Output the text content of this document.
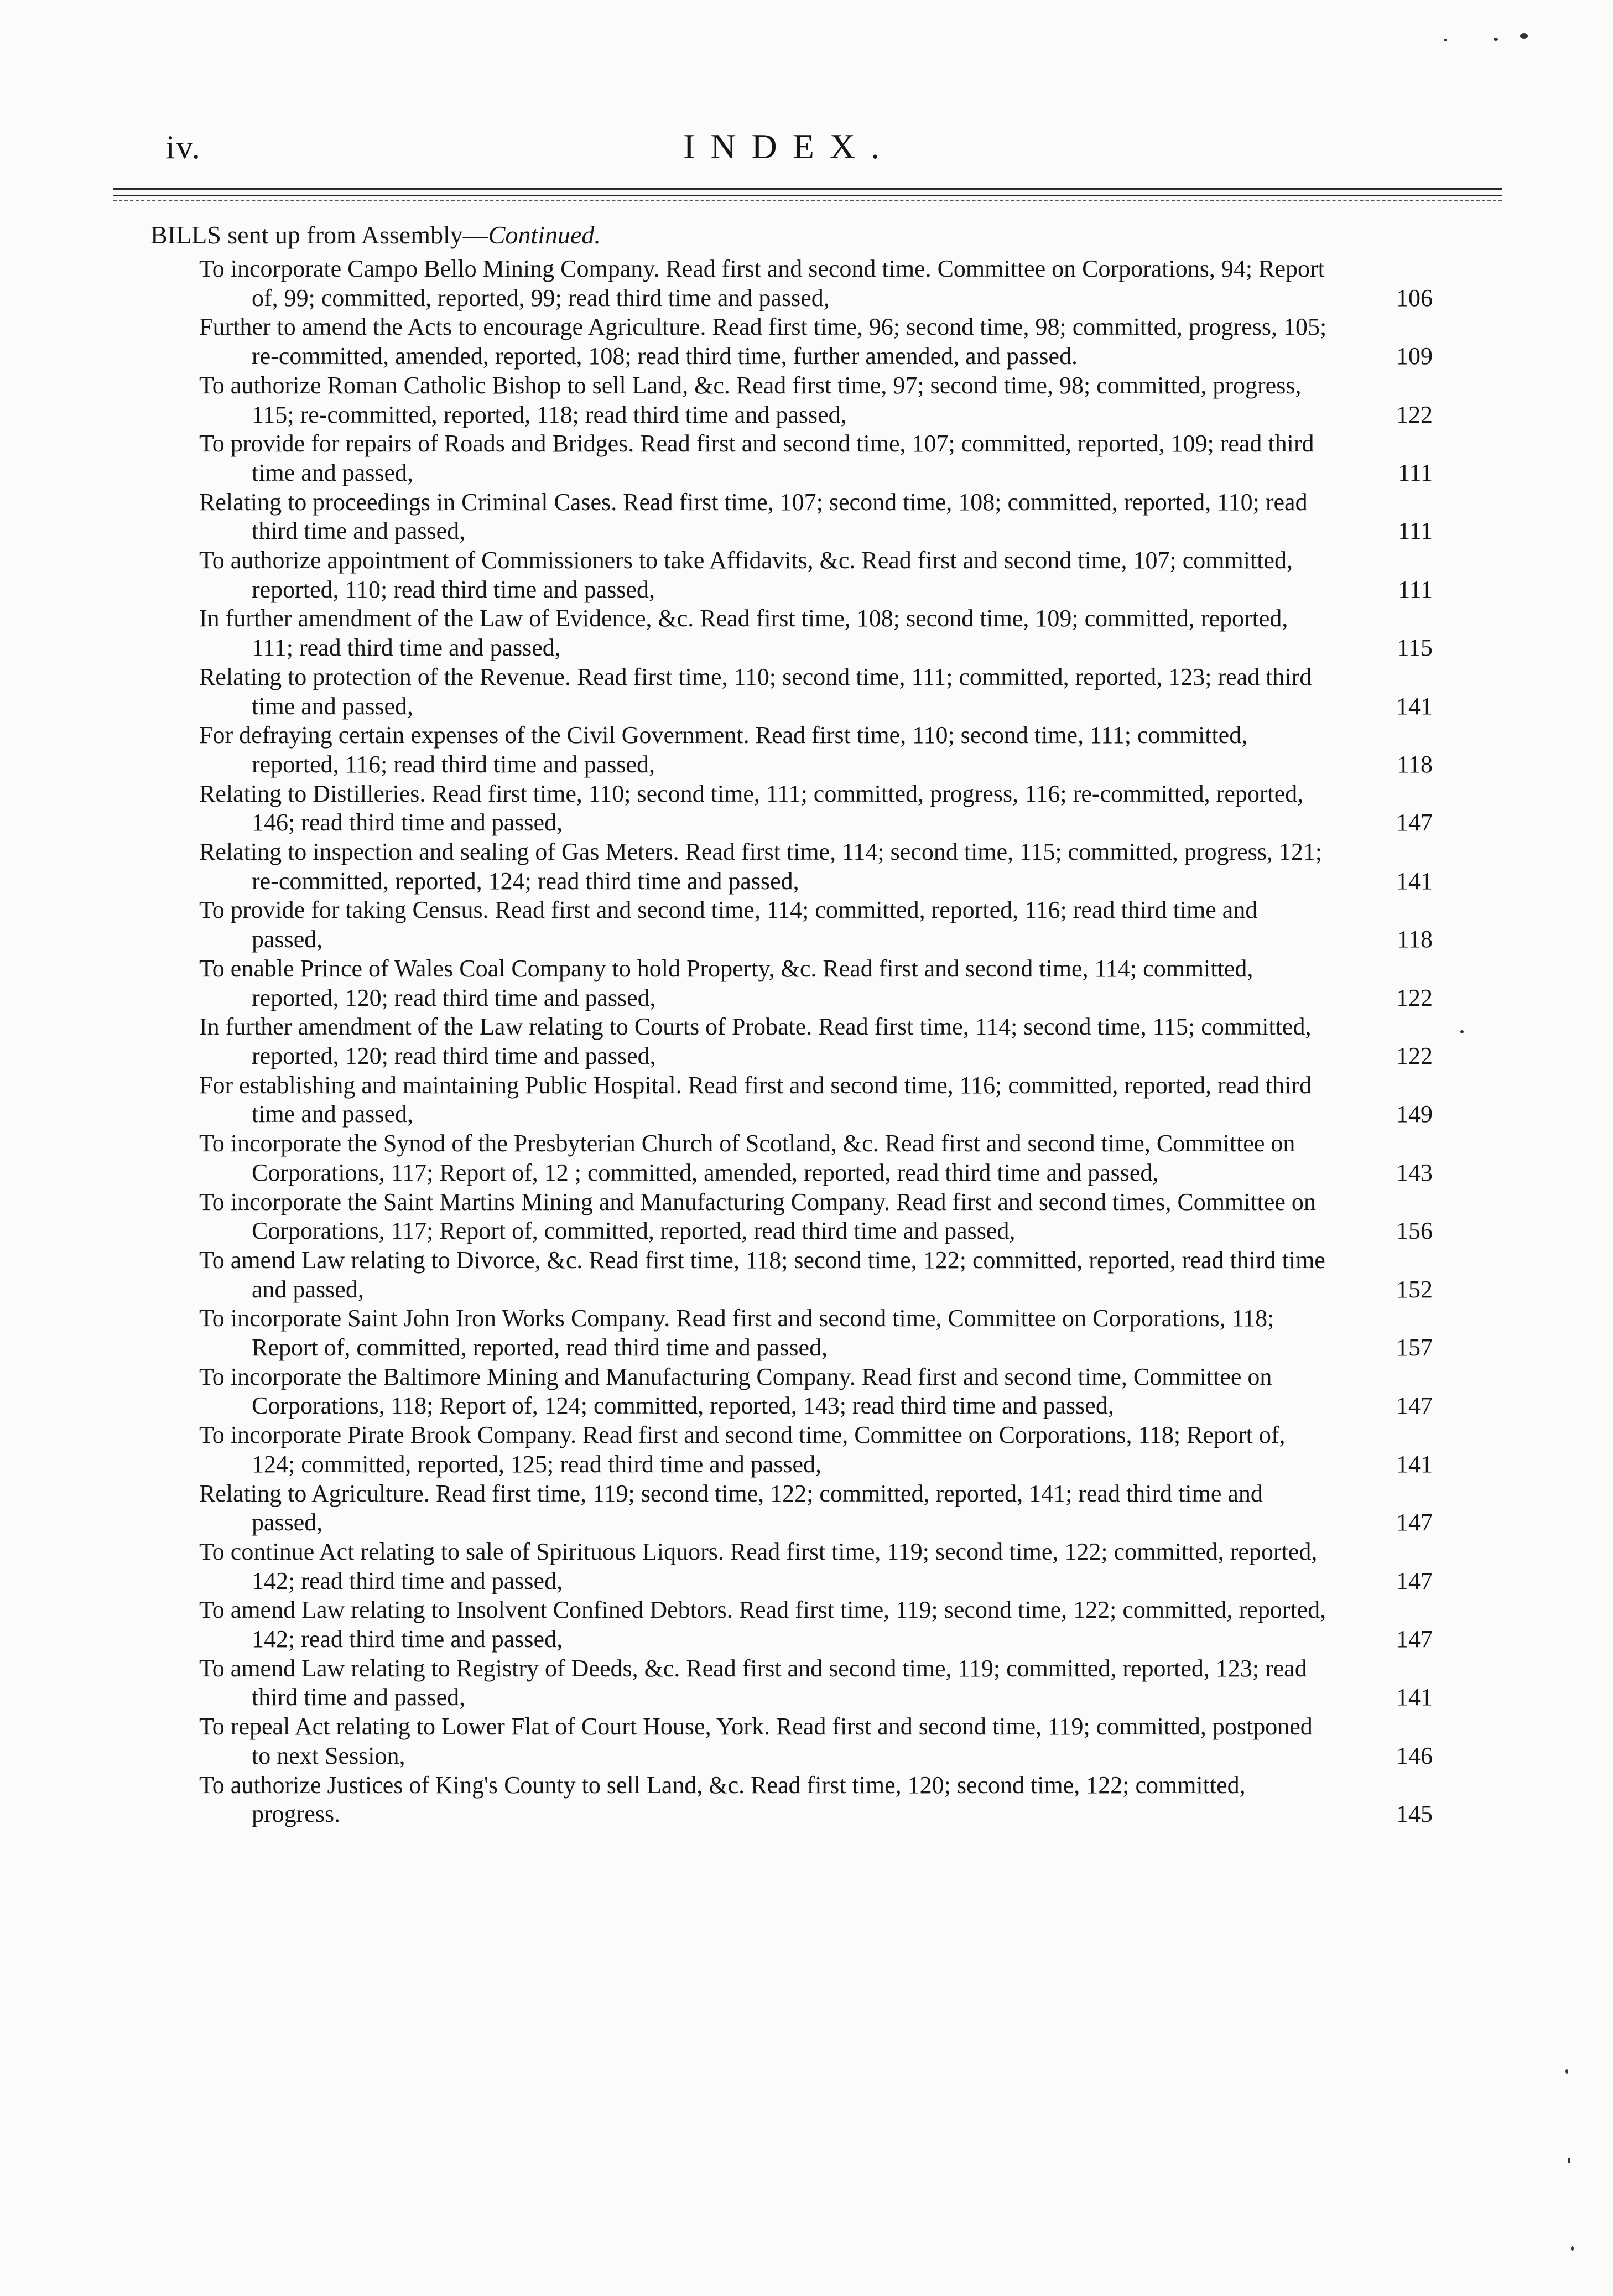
iv.	INDEX.
BILLS sent up from Assembly—Continued.
To incorporate Campo Bello Mining Company. Read first and second time. Committee on Corporations, 94; Report of, 99; committed, reported, 99; read third time and passed,	106
Further to amend the Acts to encourage Agriculture. Read first time, 96; second time, 98; committed, progress, 105; re-committed, amended, reported, 108; read third time, further amended, and passed.	109
To authorize Roman Catholic Bishop to sell Land, &c. Read first time, 97; second time, 98; committed, progress, 115; re-committed, reported, 118; read third time and passed,	122
To provide for repairs of Roads and Bridges. Read first and second time, 107; committed, reported, 109; read third time and passed,	111
Relating to proceedings in Criminal Cases. Read first time, 107; second time, 108; committed, reported, 110; read third time and passed,	111
To authorize appointment of Commissioners to take Affidavits, &c. Read first and second time, 107; committed, reported, 110; read third time and passed,	111
In further amendment of the Law of Evidence, &c. Read first time, 108; second time, 109; committed, reported, 111; read third time and passed,	115
Relating to protection of the Revenue. Read first time, 110; second time, 111; committed, reported, 123; read third time and passed,	141
For defraying certain expenses of the Civil Government. Read first time, 110; second time, 111; committed, reported, 116; read third time and passed,	118
Relating to Distilleries. Read first time, 110; second time, 111; committed, progress, 116; re-committed, reported, 146; read third time and passed,	147
Relating to inspection and sealing of Gas Meters. Read first time, 114; second time, 115; committed, progress, 121; re-committed, reported, 124; read third time and passed,	141
To provide for taking Census. Read first and second time, 114; committed, reported, 116; read third time and passed,	118
To enable Prince of Wales Coal Company to hold Property, &c. Read first and second time, 114; committed, reported, 120; read third time and passed,	122
In further amendment of the Law relating to Courts of Probate. Read first time, 114; second time, 115; committed, reported, 120; read third time and passed,	122
For establishing and maintaining Public Hospital. Read first and second time, 116; committed, reported, read third time and passed,	149
To incorporate the Synod of the Presbyterian Church of Scotland, &c. Read first and second time, Committee on Corporations, 117; Report of, 12 ; committed, amended, reported, read third time and passed,	143
To incorporate the Saint Martins Mining and Manufacturing Company. Read first and second times, Committee on Corporations, 117; Report of, committed, reported, read third time and passed,	156
To amend Law relating to Divorce, &c. Read first time, 118; second time, 122; committed, reported, read third time and passed,	152
To incorporate Saint John Iron Works Company. Read first and second time, Committee on Corporations, 118; Report of, committed, reported, read third time and passed,	157
To incorporate the Baltimore Mining and Manufacturing Company. Read first and second time, Committee on Corporations, 118; Report of, 124; committed, reported, 143; read third time and passed,	147
To incorporate Pirate Brook Company. Read first and second time, Committee on Corporations, 118; Report of, 124; committed, reported, 125; read third time and passed,	141
Relating to Agriculture. Read first time, 119; second time, 122; committed, reported, 141; read third time and passed,	147
To continue Act relating to sale of Spirituous Liquors. Read first time, 119; second time, 122; committed, reported, 142; read third time and passed,	147
To amend Law relating to Insolvent Confined Debtors. Read first time, 119; second time, 122; committed, reported, 142; read third time and passed,	147
To amend Law relating to Registry of Deeds, &c. Read first and second time, 119; committed, reported, 123; read third time and passed,	141
To repeal Act relating to Lower Flat of Court House, York. Read first and second time, 119; committed, postponed to next Session,	146
To authorize Justices of King's County to sell Land, &c. Read first time, 120; second time, 122; committed, progress.	145
